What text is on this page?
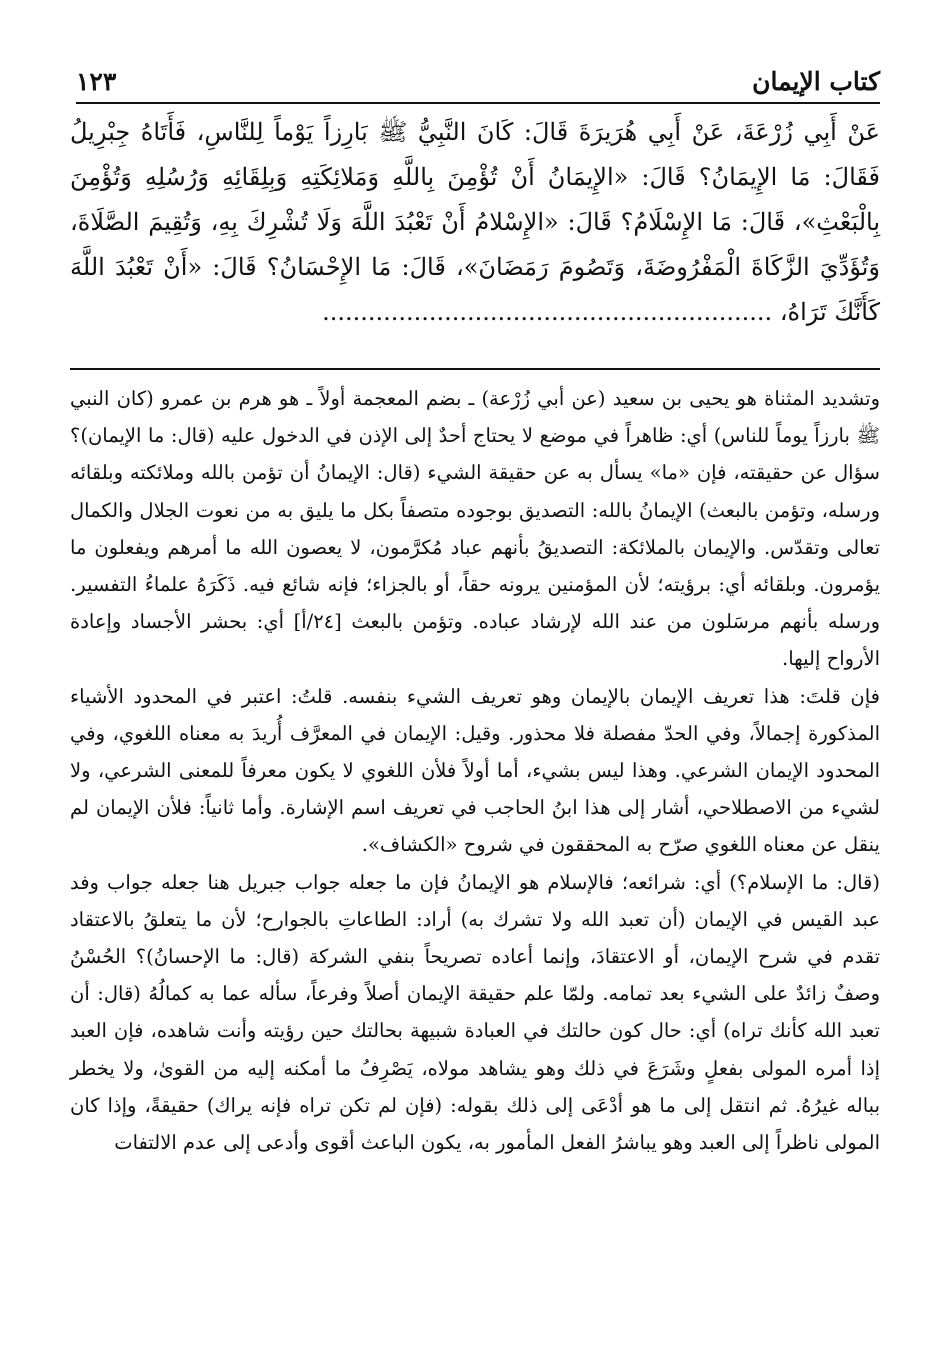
كتاب الإيمان
١٢٣

عَنْ أَبِي زُرْعَةَ، عَنْ أَبِي هُرَيرَةَ قَالَ: كَانَ النَّبِيُّ ﷺ بَارِزاً يَوْماً لِلنَّاسِ، فَأَتَاهُ جِبْرِيلُ فَقَالَ: مَا الإِيمَانُ؟ قَالَ: «الإِيمَانُ أَنْ تُؤْمِنَ بِاللَّهِ وَمَلائِكَتِهِ وَبِلِقَائِهِ وَرُسُلِهِ وَتُؤْمِنَ بِالْبَعْثِ»، قَالَ: مَا الإِسْلَامُ؟ قَالَ: «الإِسْلامُ أَنْ تَعْبُدَ اللَّهَ وَلَا تُشْرِكَ بِهِ، وَتُقِيمَ الصَّلَاةَ، وَتُؤَدِّيَ الزَّكَاةَ الْمَفْرُوضَةَ، وَتَصُومَ رَمَضَانَ»، قَالَ: مَا الإِحْسَانُ؟ قَالَ: «أَنْ تَعْبُدَ اللَّهَ كَأَنَّكَ تَرَاهُ، ...........................................................

وتشديد المثناة هو يحيى بن سعيد (عن أبي زُرْعة) ـ بضم المعجمة أولاً ـ هو هرم بن عمرو (كان النبي ﷺ بارزاً يوماً للناس) أي: ظاهراً في موضع لا يحتاج أحدٌ إلى الإذن في الدخول عليه (قال: ما الإيمان)؟ سؤال عن حقيقته، فإن «ما» يسأل به عن حقيقة الشيء (قال: الإيمانُ أن تؤمن بالله وملائكته وبلقائه ورسله، وتؤمن بالبعث) الإيمانُ بالله: التصديق بوجوده متصفاً بكل ما يليق به من نعوت الجلال والكمال تعالى وتقدّس. والإيمان بالملائكة: التصديقُ بأنهم عباد مُكرَّمون، لا يعصون الله ما أمرهم ويفعلون ما يؤمرون. وبلقائه أي: برؤيته؛ لأن المؤمنين يرونه حقاً، أو بالجزاء؛ فإنه شائع فيه. ذَكَرَهُ علماءُ التفسير. ورسله بأنهم مرسَلون من عند الله لإرشاد عباده. وتؤمن بالبعث [٢٤/أ] أي: بحشر الأجساد وإعادة الأرواح إليها.

فإن قلتَ: هذا تعريف الإيمان بالإيمان وهو تعريف الشيء بنفسه. قلتُ: اعتبر في المحدود الأشياء المذكورة إجمالاً، وفي الحدّ مفصلة فلا محذور. وقيل: الإيمان في المعرَّف أُريدَ به معناه اللغوي، وفي المحدود الإيمان الشرعي. وهذا ليس بشيء، أما أولاً فلأن اللغوي لا يكون معرفاً للمعنى الشرعي، ولا لشيء من الاصطلاحي، أشار إلى هذا ابنُ الحاجب في تعريف اسم الإشارة. وأما ثانياً: فلأن الإيمان لم ينقل عن معناه اللغوي صرّح به المحققون في شروح «الكشاف».

(قال: ما الإسلام؟) أي: شرائعه؛ فالإسلام هو الإيمانُ فإن ما جعله جواب جبريل هنا جعله جواب وفد عبد القيس في الإيمان (أن تعبد الله ولا تشرك به) أراد: الطاعاتِ بالجوارح؛ لأن ما يتعلقُ بالاعتقاد تقدم في شرح الإيمان، أو الاعتقادَ، وإنما أعاده تصريحاً بنفي الشركة (قال: ما الإحسانُ)؟ الحُسْنُ وصفٌ زائدٌ على الشيء بعد تمامه. ولمّا علم حقيقة الإيمان أصلاً وفرعاً، سأله عما به كمالُهُ (قال: أن تعبد الله كأنك تراه) أي: حال كون حالتك في العبادة شبيهة بحالتك حين رؤيته وأنت شاهده، فإن العبد إذا أمره المولى بفعلٍ وشَرَعَ في ذلك وهو يشاهد مولاه، يَصْرِفُ ما أمكنه إليه من القوىٰ، ولا يخطر بباله غيرُهُ. ثم انتقل إلى ما هو أدْعَى إلى ذلك بقوله: (فإن لم تكن تراه فإنه يراك) حقيقةً، وإذا كان المولى ناظراً إلى العبد وهو يباشرُ الفعل المأمور به، يكون الباعث أقوى وأدعى إلى عدم الالتفات
